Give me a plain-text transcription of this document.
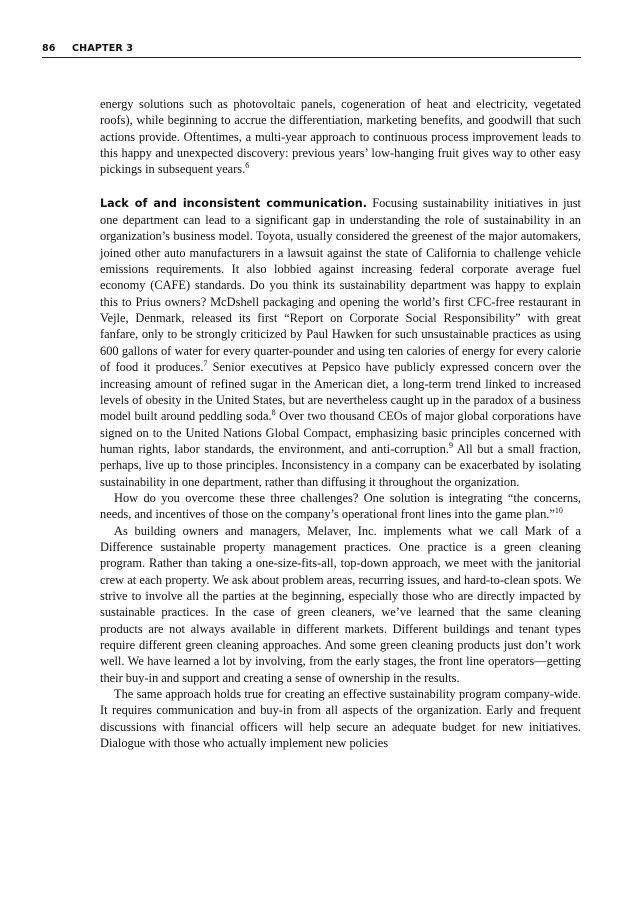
86 CHAPTER 3

energy solutions such as photovoltaic panels, cogeneration of heat and electricity, vegetated roofs), while beginning to accrue the differentiation, marketing benefits, and goodwill that such actions provide. Oftentimes, a multi-year approach to continuous process improvement leads to this happy and unexpected discovery: previous years’ low-hanging fruit gives way to other easy pickings in subsequent years.$^6$

Lack of and inconsistent communication. Focusing sustainability initiatives in just one department can lead to a significant gap in understanding the role of sustainability in an organization’s business model. Toyota, usually considered the greenest of the major automakers, joined other auto manufacturers in a lawsuit against the state of California to challenge vehicle emissions requirements. It also lobbied against increasing federal corporate average fuel economy (CAFE) standards. Do you think its sustainability department was happy to explain this to Prius owners? McDshell packaging and opening the world’s first CFC-free restaurant in Vejle, Denmark, released its first “Report on Corporate Social Responsibility” with great fanfare, only to be strongly criticized by Paul Hawken for such unsustainable practices as using 600 gallons of water for every quarter-pounder and using ten calories of energy for every calorie of food it produces.$^7$ Senior executives at Pepsico have publicly expressed concern over the increasing amount of refined sugar in the American diet, a long-term trend linked to increased levels of obesity in the United States, but are nevertheless caught up in the paradox of a business model built around peddling soda.$^8$ Over two thousand CEOs of major global corporations have signed on to the United Nations Global Compact, emphasizing basic principles concerned with human rights, labor standards, the environment, and anti-corruption.$^9$ All but a small fraction, perhaps, live up to those principles. Inconsistency in a company can be exacerbated by isolating sustainability in one department, rather than diffusing it throughout the organization.

How do you overcome these three challenges? One solution is integrating “the concerns, needs, and incentives of those on the company’s operational front lines into the game plan.”$^{10}$

As building owners and managers, Melaver, Inc. implements what we call Mark of a Difference sustainable property management practices. One practice is a green cleaning program. Rather than taking a one-size-fits-all, top-down approach, we meet with the janitorial crew at each property. We ask about problem areas, recurring issues, and hard-to-clean spots. We strive to involve all the parties at the beginning, especially those who are directly impacted by sustainable practices. In the case of green cleaners, we’ve learned that the same cleaning products are not always available in different markets. Different buildings and tenant types require different green cleaning approaches. And some green cleaning products just don’t work well. We have learned a lot by involving, from the early stages, the front line operators—getting their buy-in and support and creating a sense of ownership in the results.

The same approach holds true for creating an effective sustainability program company-wide. It requires communication and buy-in from all aspects of the organization. Early and frequent discussions with financial officers will help secure an adequate budget for new initiatives. Dialogue with those who actually implement new policies
